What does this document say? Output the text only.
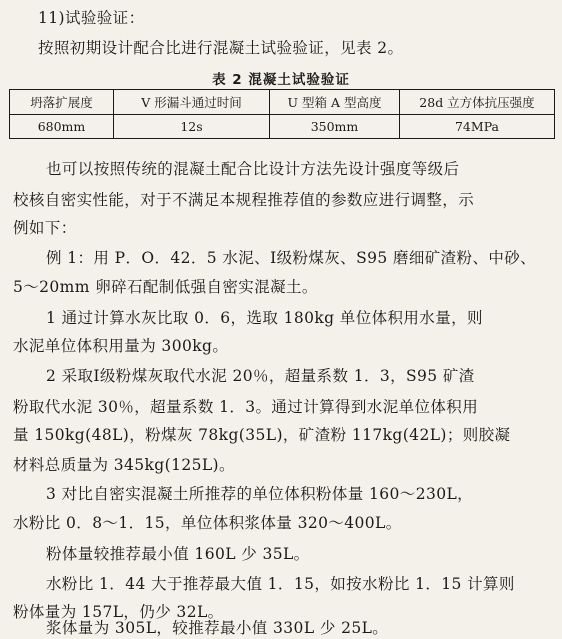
11)试验验证：
按照初期设计配合比进行混凝土试验验证，见表 2。
表 2 混凝土试验验证
坍落扩展度	V 形漏斗通过时间	U 型箱 A 型高度	28d 立方体抗压强度
680mm	12s	350mm	74MPa
也可以按照传统的混凝土配合比设计方法先设计强度等级后
校核自密实性能，对于不满足本规程推荐值的参数应进行调整，示
例如下：
例 1：用 P．O．42．5 水泥、Ⅰ级粉煤灰、S95 磨细矿渣粉、中砂、
5～20mm 卵碎石配制低强自密实混凝土。
1 通过计算水灰比取 0．6，选取 180kg 单位体积用水量，则
水泥单位体积用量为 300kg。
2 采取Ⅰ级粉煤灰取代水泥 20％，超量系数 1．3，S95 矿渣
粉取代水泥 30％，超量系数 1．3。通过计算得到水泥单位体积用
量 150kg(48L)，粉煤灰 78kg(35L)，矿渣粉 117kg(42L)；则胶凝
材料总质量为 345kg(125L)。
3 对比自密实混凝土所推荐的单位体积粉体量 160～230L，
水粉比 0．8～1．15，单位体积浆体量 320～400L。
粉体量较推荐最小值 160L 少 35L。
水粉比 1．44 大于推荐最大值 1．15，如按水粉比 1．15 计算则
粉体量为 157L，仍少 32L。
浆体量为 305L，较推荐最小值 330L 少 25L。
